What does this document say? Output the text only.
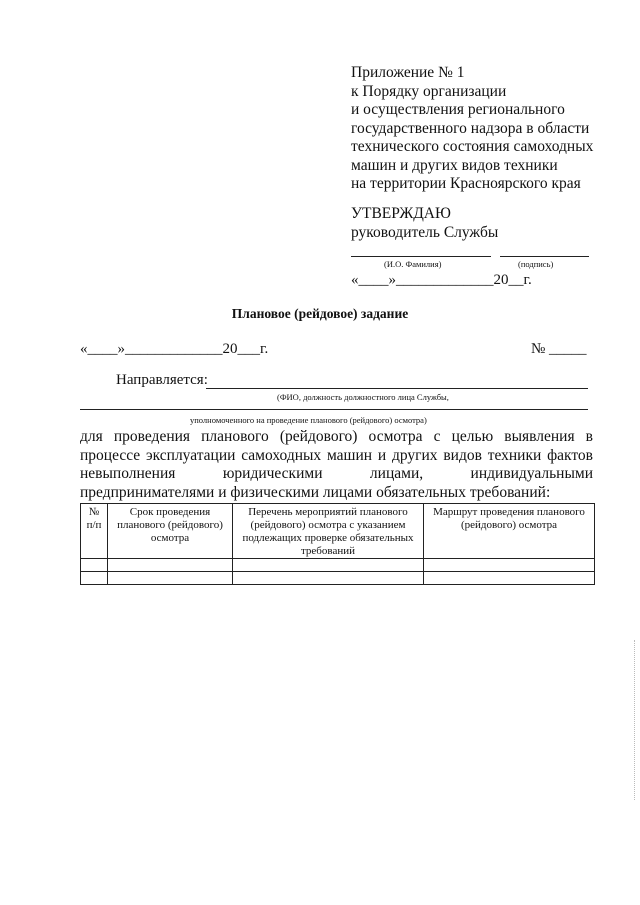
Приложение № 1
к Порядку организации
и осуществления регионального
государственного надзора в области
технического состояния самоходных
машин и других видов техники
на территории Красноярского края
УТВЕРЖДАЮ
руководитель Службы
(И.О. Фамилия)	(подпись)
«____»_____________20__г.
Плановое (рейдовое) задание
«____»_____________20___г.	№ _____
Направляется:
(ФИО, должность должностного лица Службы,
уполномоченного на проведение планового (рейдового) осмотра)
для проведения планового (рейдового) осмотра с целью выявления в процессе эксплуатации самоходных машин и других видов техники фактов невыполнения юридическими лицами, индивидуальными предпринимателями и физическими лицами обязательных требований:
№ п/п	Срок проведения планового (рейдового) осмотра	Перечень мероприятий планового (рейдового) осмотра с указанием подлежащих проверке обязательных требований	Маршрут проведения планового (рейдового) осмотра
